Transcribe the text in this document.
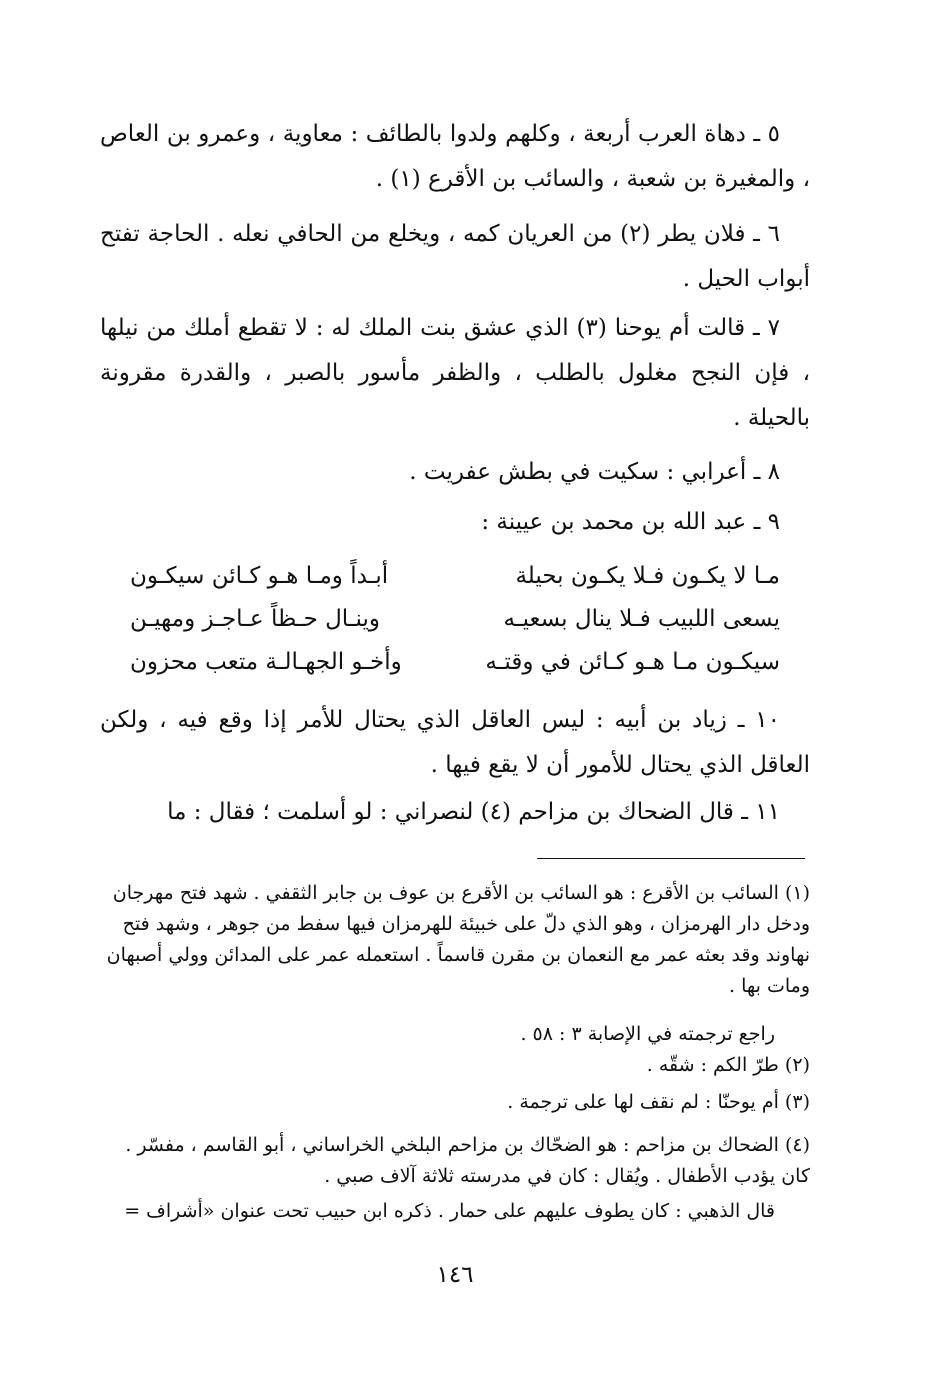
٥ ـ دهاة العرب أربعة ، وكلهم ولدوا بالطائف : معاوية ، وعمرو بن العاص ، والمغيرة بن شعبة ، والسائب بن الأقرع (١) .
٦ ـ فلان يطر (٢) من العريان كمه ، ويخلع من الحافي نعله . الحاجة تفتح أبواب الحيل .
٧ ـ قالت أم يوحنا (٣) الذي عشق بنت الملك له : لا تقطع أملك من نيلها ، فإن النجح مغلول بالطلب ، والظفر مأسور بالصبر ، والقدرة مقرونة بالحيلة .
٨ ـ أعرابي : سكيت في بطش عفريت .
٩ ـ عبد الله بن محمد بن عيينة :
مـا لا يكـون فـلا يكـون بحيلة
أبـداً ومـا هـو كـائن سيكـون
يسعى اللبيب فـلا ينال بسعيـه
وينـال حـظاً عـاجـز ومهيـن
سيكـون مـا هـو كـائن في وقتـه
وأخـو الجهـالـة متعب محزون
١٠ ـ زياد بن أبيه : ليس العاقل الذي يحتال للأمر إذا وقع فيه ، ولكن العاقل الذي يحتال للأمور أن لا يقع فيها .
١١ ـ قال الضحاك بن مزاحم (٤) لنصراني : لو أسلمت ؛ فقال : ما
(١) السائب بن الأقرع : هو السائب بن الأقرع بن عوف بن جابر الثقفي . شهد فتح مهرجان ودخل دار الهرمزان ، وهو الذي دلّ على خبيئة للهرمزان فيها سفط من جوهر ، وشهد فتح نهاوند وقد بعثه عمر مع النعمان بن مقرن قاسماً . استعمله عمر على المدائن وولي أصبهان ومات بها .
راجع ترجمته في الإصابة ٣ : ٥٨ .
(٢) طرّ الكم : شقّه .
(٣) أم يوحنّا : لم نقف لها على ترجمة .
(٤) الضحاك بن مزاحم : هو الضحّاك بن مزاحم البلخي الخراساني ، أبو القاسم ، مفسّر . كان يؤدب الأطفال . ويُقال : كان في مدرسته ثلاثة آلاف صبي .
قال الذهبي : كان يطوف عليهم على حمار . ذكره ابن حبيب تحت عنوان «أشراف =
١٤٦
